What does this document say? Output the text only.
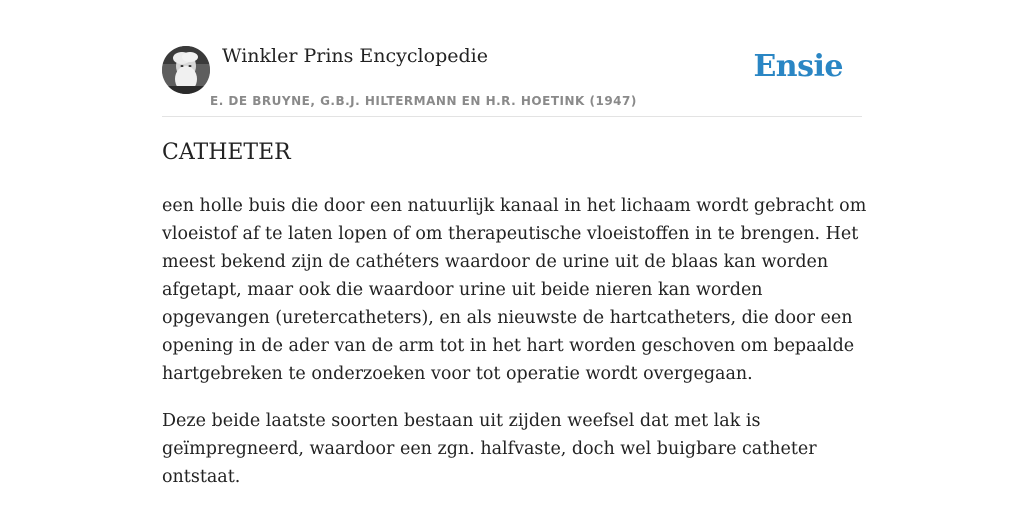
Winkler Prins Encyclopedie
E. DE BRUYNE, G.B.J. HILTERMANN EN H.R. HOETINK (1947)
Ensie
CATHETER

een holle buis die door een natuurlijk kanaal in het lichaam wordt gebracht om vloeistof af te laten lopen of om therapeutische vloeistoffen in te brengen. Het meest bekend zijn de cathéters waardoor de urine uit de blaas kan worden afgetapt, maar ook die waardoor urine uit beide nieren kan worden opgevangen (uretercatheters), en als nieuwste de hartcatheters, die door een opening in de ader van de arm tot in het hart worden geschoven om bepaalde hartgebreken te onderzoeken voor tot operatie wordt overgegaan.

Deze beide laatste soorten bestaan uit zijden weefsel dat met lak is geïmpregneerd, waardoor een zgn. halfvaste, doch wel buigbare catheter ontstaat.
